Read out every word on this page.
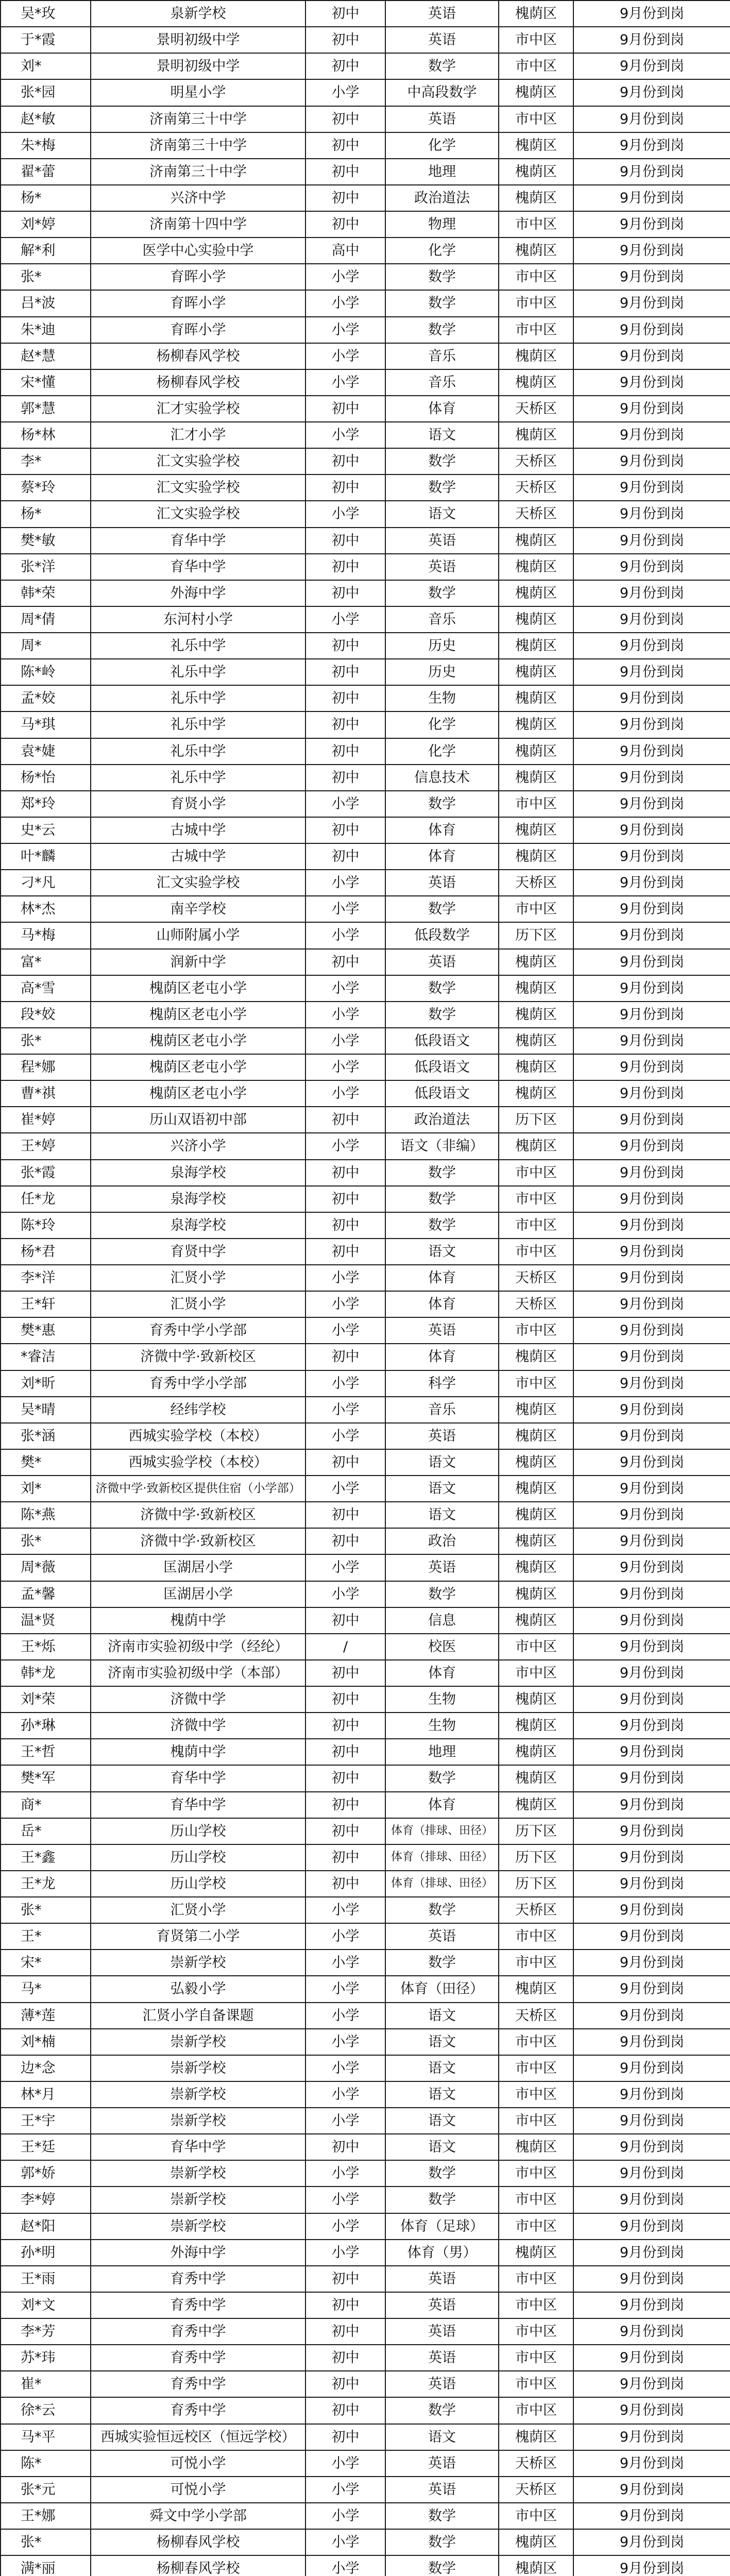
吴*玫	泉新学校	初中	英语	槐荫区	9月份到岗
于*霞	景明初级中学	初中	英语	市中区	9月份到岗
刘*	景明初级中学	初中	数学	市中区	9月份到岗
张*园	明星小学	小学	中高段数学	槐荫区	9月份到岗
赵*敏	济南第三十中学	初中	英语	市中区	9月份到岗
朱*梅	济南第三十中学	初中	化学	槐荫区	9月份到岗
翟*蕾	济南第三十中学	初中	地理	槐荫区	9月份到岗
杨*	兴济中学	初中	政治道法	槐荫区	9月份到岗
刘*婷	济南第十四中学	初中	物理	市中区	9月份到岗
解*利	医学中心实验中学	高中	化学	槐荫区	9月份到岗
张*	育晖小学	小学	数学	市中区	9月份到岗
吕*波	育晖小学	小学	数学	市中区	9月份到岗
朱*迪	育晖小学	小学	数学	市中区	9月份到岗
赵*慧	杨柳春风学校	小学	音乐	槐荫区	9月份到岗
宋*懂	杨柳春风学校	小学	音乐	槐荫区	9月份到岗
郭*慧	汇才实验学校	初中	体育	天桥区	9月份到岗
杨*林	汇才小学	小学	语文	槐荫区	9月份到岗
李*	汇文实验学校	初中	数学	天桥区	9月份到岗
蔡*玲	汇文实验学校	初中	数学	天桥区	9月份到岗
杨*	汇文实验学校	小学	语文	天桥区	9月份到岗
樊*敏	育华中学	初中	英语	槐荫区	9月份到岗
张*洋	育华中学	初中	英语	槐荫区	9月份到岗
韩*荣	外海中学	初中	数学	槐荫区	9月份到岗
周*倩	东河村小学	小学	音乐	槐荫区	9月份到岗
周*	礼乐中学	初中	历史	槐荫区	9月份到岗
陈*岭	礼乐中学	初中	历史	槐荫区	9月份到岗
孟*姣	礼乐中学	初中	生物	槐荫区	9月份到岗
马*琪	礼乐中学	初中	化学	槐荫区	9月份到岗
袁*婕	礼乐中学	初中	化学	槐荫区	9月份到岗
杨*怡	礼乐中学	初中	信息技术	槐荫区	9月份到岗
郑*玲	育贤小学	小学	数学	市中区	9月份到岗
史*云	古城中学	初中	体育	槐荫区	9月份到岗
叶*麟	古城中学	初中	体育	槐荫区	9月份到岗
刁*凡	汇文实验学校	小学	英语	天桥区	9月份到岗
林*杰	南辛学校	小学	数学	市中区	9月份到岗
马*梅	山师附属小学	小学	低段数学	历下区	9月份到岗
富*	润新中学	初中	英语	槐荫区	9月份到岗
高*雪	槐荫区老屯小学	小学	数学	槐荫区	9月份到岗
段*姣	槐荫区老屯小学	小学	数学	槐荫区	9月份到岗
张*	槐荫区老屯小学	小学	低段语文	槐荫区	9月份到岗
程*娜	槐荫区老屯小学	小学	低段语文	槐荫区	9月份到岗
曹*祺	槐荫区老屯小学	小学	低段语文	槐荫区	9月份到岗
崔*婷	历山双语初中部	初中	政治道法	历下区	9月份到岗
王*婷	兴济小学	小学	语文（非编）	槐荫区	9月份到岗
张*霞	泉海学校	初中	数学	市中区	9月份到岗
任*龙	泉海学校	初中	数学	市中区	9月份到岗
陈*玲	泉海学校	初中	数学	市中区	9月份到岗
杨*君	育贤中学	初中	语文	市中区	9月份到岗
李*洋	汇贤小学	小学	体育	天桥区	9月份到岗
王*轩	汇贤小学	小学	体育	天桥区	9月份到岗
樊*惠	育秀中学小学部	小学	英语	市中区	9月份到岗
*睿洁	济微中学·致新校区	初中	体育	槐荫区	9月份到岗
刘*昕	育秀中学小学部	小学	科学	市中区	9月份到岗
吴*晴	经纬学校	小学	音乐	槐荫区	9月份到岗
张*涵	西城实验学校（本校）	小学	英语	槐荫区	9月份到岗
樊*	西城实验学校（本校）	初中	语文	槐荫区	9月份到岗
刘*	济微中学·致新校区提供住宿（小学部）	小学	语文	槐荫区	9月份到岗
陈*燕	济微中学·致新校区	初中	语文	槐荫区	9月份到岗
张*	济微中学·致新校区	初中	政治	槐荫区	9月份到岗
周*薇	匡湖居小学	小学	英语	槐荫区	9月份到岗
孟*馨	匡湖居小学	小学	数学	槐荫区	9月份到岗
温*贤	槐荫中学	初中	信息	槐荫区	9月份到岗
王*烁	济南市实验初级中学（经纶）	/	校医	市中区	9月份到岗
韩*龙	济南市实验初级中学（本部）	初中	体育	市中区	9月份到岗
刘*荣	济微中学	初中	生物	槐荫区	9月份到岗
孙*琳	济微中学	初中	生物	槐荫区	9月份到岗
王*哲	槐荫中学	初中	地理	槐荫区	9月份到岗
樊*军	育华中学	初中	数学	槐荫区	9月份到岗
商*	育华中学	初中	体育	槐荫区	9月份到岗
岳*	历山学校	初中	体育（排球、田径）	历下区	9月份到岗
王*鑫	历山学校	初中	体育（排球、田径）	历下区	9月份到岗
王*龙	历山学校	初中	体育（排球、田径）	历下区	9月份到岗
张*	汇贤小学	小学	数学	天桥区	9月份到岗
王*	育贤第二小学	小学	英语	市中区	9月份到岗
宋*	崇新学校	小学	数学	市中区	9月份到岗
马*	弘毅小学	小学	体育（田径）	槐荫区	9月份到岗
薄*莲	汇贤小学自备课题	小学	语文	天桥区	9月份到岗
刘*楠	崇新学校	小学	语文	市中区	9月份到岗
边*念	崇新学校	小学	语文	市中区	9月份到岗
林*月	崇新学校	小学	语文	市中区	9月份到岗
王*宇	崇新学校	小学	语文	市中区	9月份到岗
王*廷	育华中学	初中	语文	槐荫区	9月份到岗
郭*娇	崇新学校	小学	数学	市中区	9月份到岗
李*婷	崇新学校	小学	数学	市中区	9月份到岗
赵*阳	崇新学校	小学	体育（足球）	市中区	9月份到岗
孙*明	外海中学	小学	体育（男）	槐荫区	9月份到岗
王*雨	育秀中学	初中	英语	市中区	9月份到岗
刘*文	育秀中学	初中	英语	市中区	9月份到岗
李*芳	育秀中学	初中	英语	市中区	9月份到岗
苏*玮	育秀中学	初中	英语	市中区	9月份到岗
崔*	育秀中学	初中	英语	市中区	9月份到岗
徐*云	育秀中学	初中	数学	市中区	9月份到岗
马*平	西城实验恒远校区（恒远学校）	初中	语文	槐荫区	9月份到岗
陈*	可悦小学	小学	英语	天桥区	9月份到岗
张*元	可悦小学	小学	英语	天桥区	9月份到岗
王*娜	舜文中学小学部	小学	数学	市中区	9月份到岗
张*	杨柳春风学校	小学	数学	槐荫区	9月份到岗
满*丽	杨柳春风学校	小学	数学	槐荫区	9月份到岗
